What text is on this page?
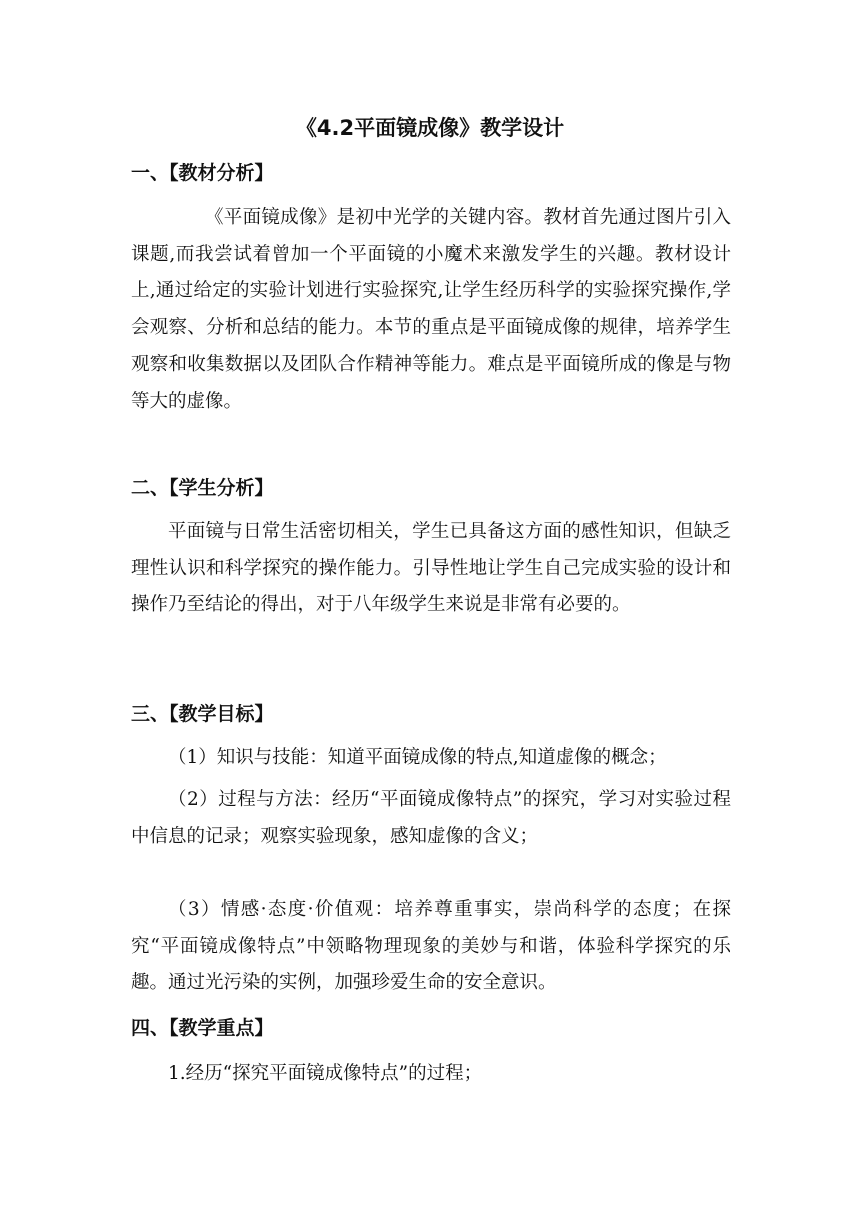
《4.2平面镜成像》教学设计
一、【教材分析】

《平面镜成像》是初中光学的关键内容。教材首先通过图片引入课题,而我尝试着曾加一个平面镜的小魔术来激发学生的兴趣。教材设计上,通过给定的实验计划进行实验探究,让学生经历科学的实验探究操作,学会观察、分析和总结的能力。本节的重点是平面镜成像的规律，培养学生观察和收集数据以及团队合作精神等能力。难点是平面镜所成的像是与物等大的虚像。

二、【学生分析】

平面镜与日常生活密切相关，学生已具备这方面的感性知识，但缺乏理性认识和科学探究的操作能力。引导性地让学生自己完成实验的设计和操作乃至结论的得出，对于八年级学生来说是非常有必要的。

三、【教学目标】
（1）知识与技能：知道平面镜成像的特点,知道虚像的概念；

（2）过程与方法：经历“平面镜成像特点”的探究，学习对实验过程中信息的记录；观察实验现象，感知虚像的含义；

（3）情感·态度·价值观：培养尊重事实，崇尚科学的态度；在探究“平面镜成像特点”中领略物理现象的美妙与和谐，体验科学探究的乐趣。通过光污染的实例，加强珍爱生命的安全意识。

四、【教学重点】
1.经历“探究平面镜成像特点”的过程；
